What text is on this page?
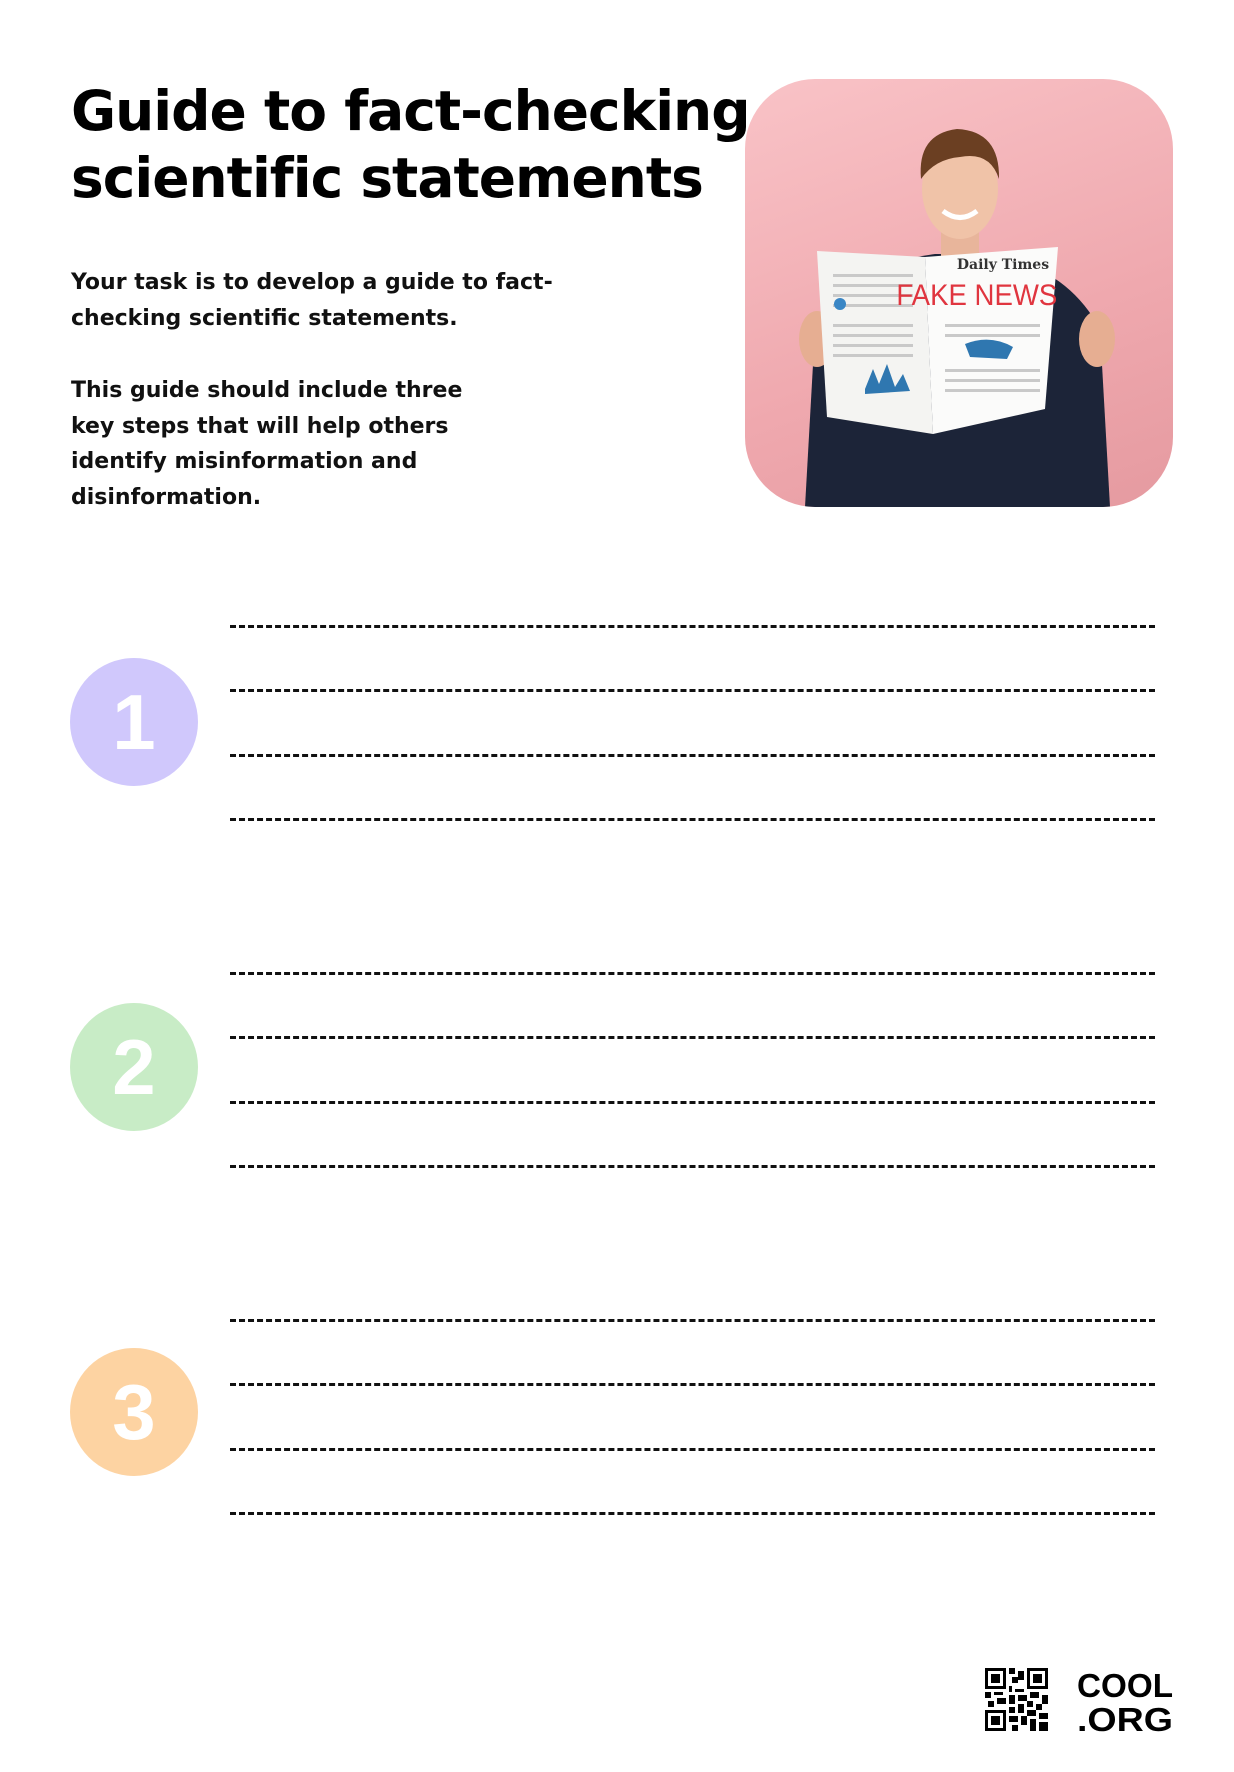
Guide to fact-checking
scientific statements

Your task is to develop a guide to fact-checking scientific statements.

This guide should include three key steps that will help others identify misinformation and disinformation.

Daily Times
FAKE NEWS
1
2
3
COOL
.ORG
